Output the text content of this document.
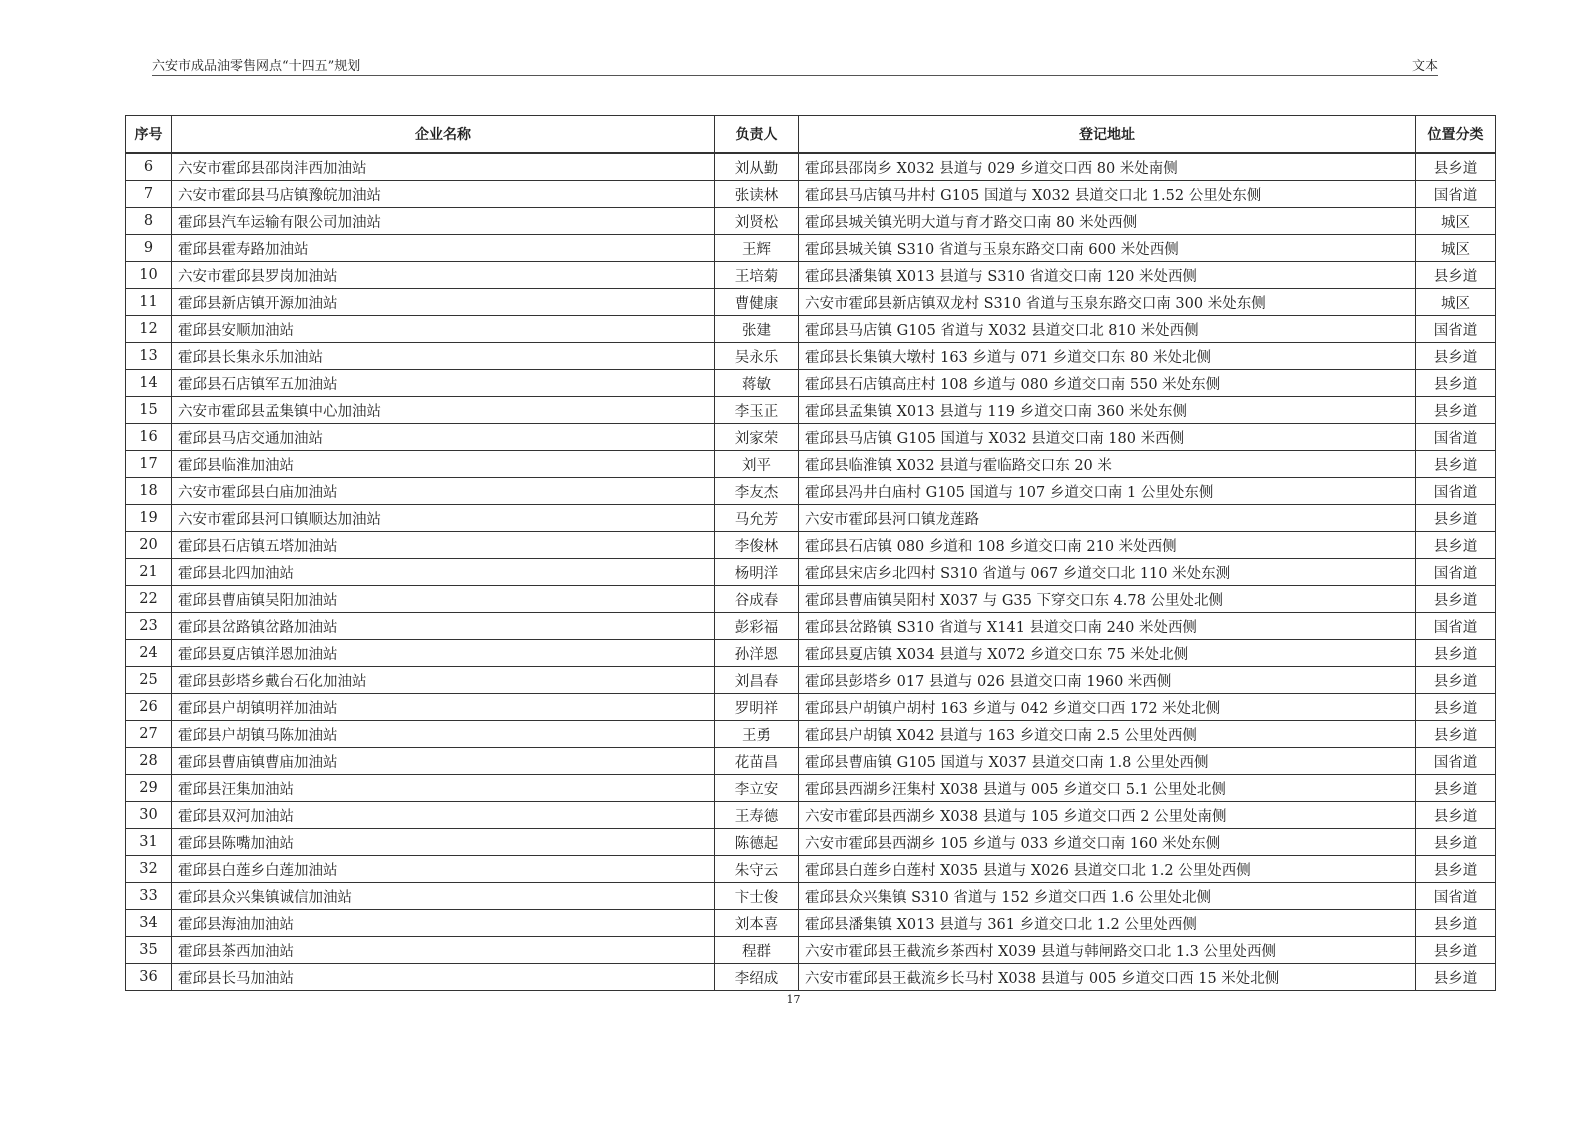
六安市成品油零售网点“十四五”规划	文本
序号	企业名称	负责人	登记地址	位置分类
6	六安市霍邱县邵岗沣西加油站	刘从勤	霍邱县邵岗乡 X032 县道与 029 乡道交口西 80 米处南侧	县乡道
7	六安市霍邱县马店镇豫皖加油站	张读林	霍邱县马店镇马井村 G105 国道与 X032 县道交口北 1.52 公里处东侧	国省道
8	霍邱县汽车运输有限公司加油站	刘贤松	霍邱县城关镇光明大道与育才路交口南 80 米处西侧	城区
9	霍邱县霍寿路加油站	王辉	霍邱县城关镇 S310 省道与玉泉东路交口南 600 米处西侧	城区
10	六安市霍邱县罗岗加油站	王培菊	霍邱县潘集镇 X013 县道与 S310 省道交口南 120 米处西侧	县乡道
11	霍邱县新店镇开源加油站	曹健康	六安市霍邱县新店镇双龙村 S310 省道与玉泉东路交口南 300 米处东侧	城区
12	霍邱县安顺加油站	张建	霍邱县马店镇 G105 省道与 X032 县道交口北 810 米处西侧	国省道
13	霍邱县长集永乐加油站	吴永乐	霍邱县长集镇大墩村 163 乡道与 071 乡道交口东 80 米处北侧	县乡道
14	霍邱县石店镇军五加油站	蒋敏	霍邱县石店镇高庄村 108 乡道与 080 乡道交口南 550 米处东侧	县乡道
15	六安市霍邱县孟集镇中心加油站	李玉正	霍邱县孟集镇 X013 县道与 119 乡道交口南 360 米处东侧	县乡道
16	霍邱县马店交通加油站	刘家荣	霍邱县马店镇 G105 国道与 X032 县道交口南 180 米西侧	国省道
17	霍邱县临淮加油站	刘平	霍邱县临淮镇 X032 县道与霍临路交口东 20 米	县乡道
18	六安市霍邱县白庙加油站	李友杰	霍邱县冯井白庙村 G105 国道与 107 乡道交口南 1 公里处东侧	国省道
19	六安市霍邱县河口镇顺达加油站	马允芳	六安市霍邱县河口镇龙莲路	县乡道
20	霍邱县石店镇五塔加油站	李俊林	霍邱县石店镇 080 乡道和 108 乡道交口南 210 米处西侧	县乡道
21	霍邱县北四加油站	杨明洋	霍邱县宋店乡北四村 S310 省道与 067 乡道交口北 110 米处东测	国省道
22	霍邱县曹庙镇吴阳加油站	谷成春	霍邱县曹庙镇吴阳村 X037 与 G35 下穿交口东 4.78 公里处北侧	县乡道
23	霍邱县岔路镇岔路加油站	彭彩福	霍邱县岔路镇 S310 省道与 X141 县道交口南 240 米处西侧	国省道
24	霍邱县夏店镇洋恩加油站	孙洋恩	霍邱县夏店镇 X034 县道与 X072 乡道交口东 75 米处北侧	县乡道
25	霍邱县彭塔乡戴台石化加油站	刘昌春	霍邱县彭塔乡 017 县道与 026 县道交口南 1960 米西侧	县乡道
26	霍邱县户胡镇明祥加油站	罗明祥	霍邱县户胡镇户胡村 163 乡道与 042 乡道交口西 172 米处北侧	县乡道
27	霍邱县户胡镇马陈加油站	王勇	霍邱县户胡镇 X042 县道与 163 乡道交口南 2.5 公里处西侧	县乡道
28	霍邱县曹庙镇曹庙加油站	花苗昌	霍邱县曹庙镇 G105 国道与 X037 县道交口南 1.8 公里处西侧	国省道
29	霍邱县汪集加油站	李立安	霍邱县西湖乡汪集村 X038 县道与 005 乡道交口 5.1 公里处北侧	县乡道
30	霍邱县双河加油站	王寿德	六安市霍邱县西湖乡 X038 县道与 105 乡道交口西 2 公里处南侧	县乡道
31	霍邱县陈嘴加油站	陈德起	六安市霍邱县西湖乡 105 乡道与 033 乡道交口南 160 米处东侧	县乡道
32	霍邱县白莲乡白莲加油站	朱守云	霍邱县白莲乡白莲村 X035 县道与 X026 县道交口北 1.2 公里处西侧	县乡道
33	霍邱县众兴集镇诚信加油站	卞士俊	霍邱县众兴集镇 S310 省道与 152 乡道交口西 1.6 公里处北侧	国省道
34	霍邱县海油加油站	刘本喜	霍邱县潘集镇 X013 县道与 361 乡道交口北 1.2 公里处西侧	县乡道
35	霍邱县茶西加油站	程群	六安市霍邱县王截流乡茶西村 X039 县道与韩闸路交口北 1.3 公里处西侧	县乡道
36	霍邱县长马加油站	李绍成	六安市霍邱县王截流乡长马村 X038 县道与 005 乡道交口西 15 米处北侧	县乡道
17
